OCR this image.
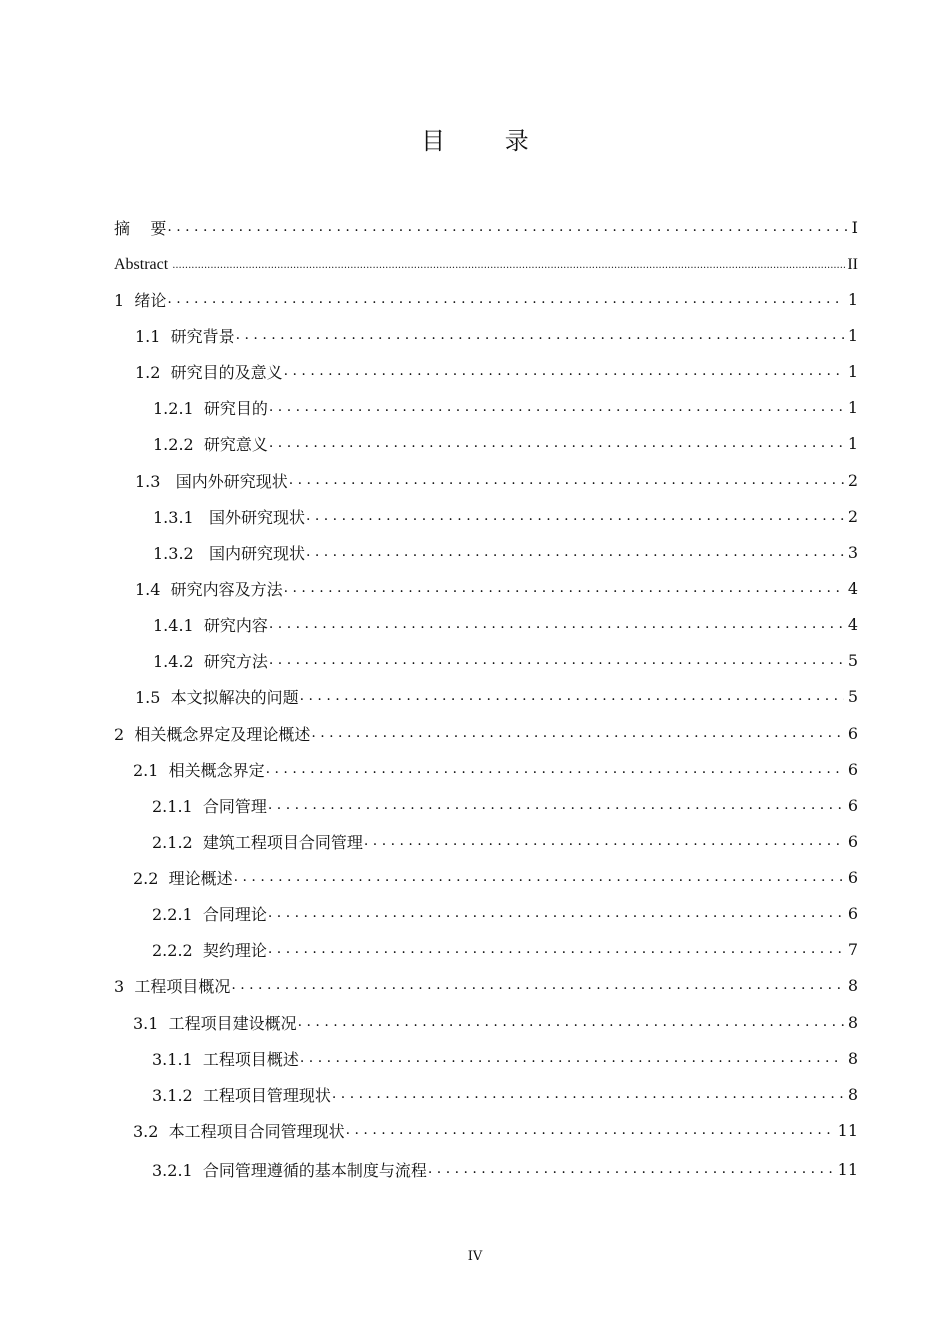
目 录
摘    要 . . .	I
Abstract .....	II
1  绪论 . . .	1
1.1  研究背景 . . .	1
1.2  研究目的及意义 . . .	1
1.2.1  研究目的 . . .	1
1.2.2  研究意义 . . .	1
1.3   国内外研究现状 . . .	2
1.3.1   国外研究现状 . . .	2
1.3.2   国内研究现状 . . .	3
1.4  研究内容及方法 . . .	4
1.4.1  研究内容 . . .	4
1.4.2  研究方法 . . .	5
1.5  本文拟解决的问题 . . .	5
2  相关概念界定及理论概述 . . .	6
2.1  相关概念界定 . . .	6
2.1.1  合同管理 . . .	6
2.1.2  建筑工程项目合同管理 . . .	6
2.2  理论概述 . . .	6
2.2.1  合同理论 . . .	6
2.2.2  契约理论 . . .	7
3  工程项目概况 . . .	8
3.1  工程项目建设概况 . . .	8
3.1.1  工程项目概述 . . .	8
3.1.2  工程项目管理现状 . . .	8
3.2  本工程项目合同管理现状 . . .	11
3.2.1  合同管理遵循的基本制度与流程 . . .	11
IV
